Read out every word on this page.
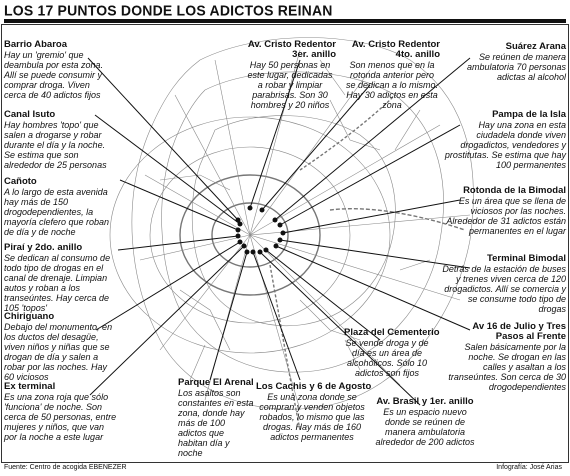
LOS 17 PUNTOS DONDE LOS ADICTOS REINAN
Barrio Abaroa
Hay un 'gremio' que deambula por esta zona. Allí se puede consumir y comprar droga. Viven cerca de 40 adictos fijos
Canal Isuto
Hay hombres 'topo' que salen a drogarse y robar durante el día y la noche. Se estima que son alrededor de 25 personas
Cañoto
A lo largo de esta avenida hay más de 150 drogodependientes, la mayoría clefero que roban de día y de noche
Piraí y 2do. anillo
Se dedican al consumo de todo tipo de drogas en el canal de drenaje. Limpian autos y roban a los transeúntes. Hay cerca de 105 'topos'
Chiriguano
Debajo del monumento, en los ductos del desagüe, viven niños y niñas que se drogan de día y salen a robar por las noches. Hay 60 viciosos
Ex terminal
Es una zona roja que sólo 'funciona' de noche. Son cerca de 50 personas, entre mujeres y niños, que van por la noche a este lugar
Av. Cristo Redentor 3er. anillo
Hay 50 personas en este lugar, dedicadas a robar y limpiar parabrisas. Son 30 hombres y 20 niños
Av. Cristo Redentor 4to. anillo
Son menos que en la rotonda anterior pero se dedican a lo mismo. Hay 30 adictos en esta zona
Suárez Arana
Se reúnen de manera ambulatoria 70 personas adictas al alcohol
Pampa de la Isla
Hay una zona en esta ciudadela donde viven drogadictos, vendedores y prostitutas. Se estima que hay 100 permanentes
Rotonda de la Bimodal
Es un área que se llena de viciosos por las noches. Alrededor de 31 adictos están permanentes en el lugar
Terminal Bimodal
Detrás de la estación de buses y trenes viven cerca de 120 drogadictos. Allí se comercia y se consume todo tipo de drogas
Av 16 de Julio y Tres Pasos al Frente
Salen básicamente por la noche. Se drogan en las calles y asaltan a los transeúntes. Son cerca de 30 drogodependientes
Plaza del Cementerio
Se vende droga y de día es un área de alcohólicos. Sólo 10 adictos son fijos
Av. Brasil y 1er. anillo
Es un espacio nuevo donde se reúnen de manera ambulatoria alrededor de 200 adictos
Parque El Arenal
Los asaltos son constantes en esta zona, donde hay más de 100 adictos que habitan día y noche
Los Cachis y 6 de Agosto
Es una zona donde se compran y venden objetos robados, lo mismo que las drogas. Hay más de 160 adictos permanentes
Fuente: Centro de acogida EBENEZER	Infografía: José Arias
